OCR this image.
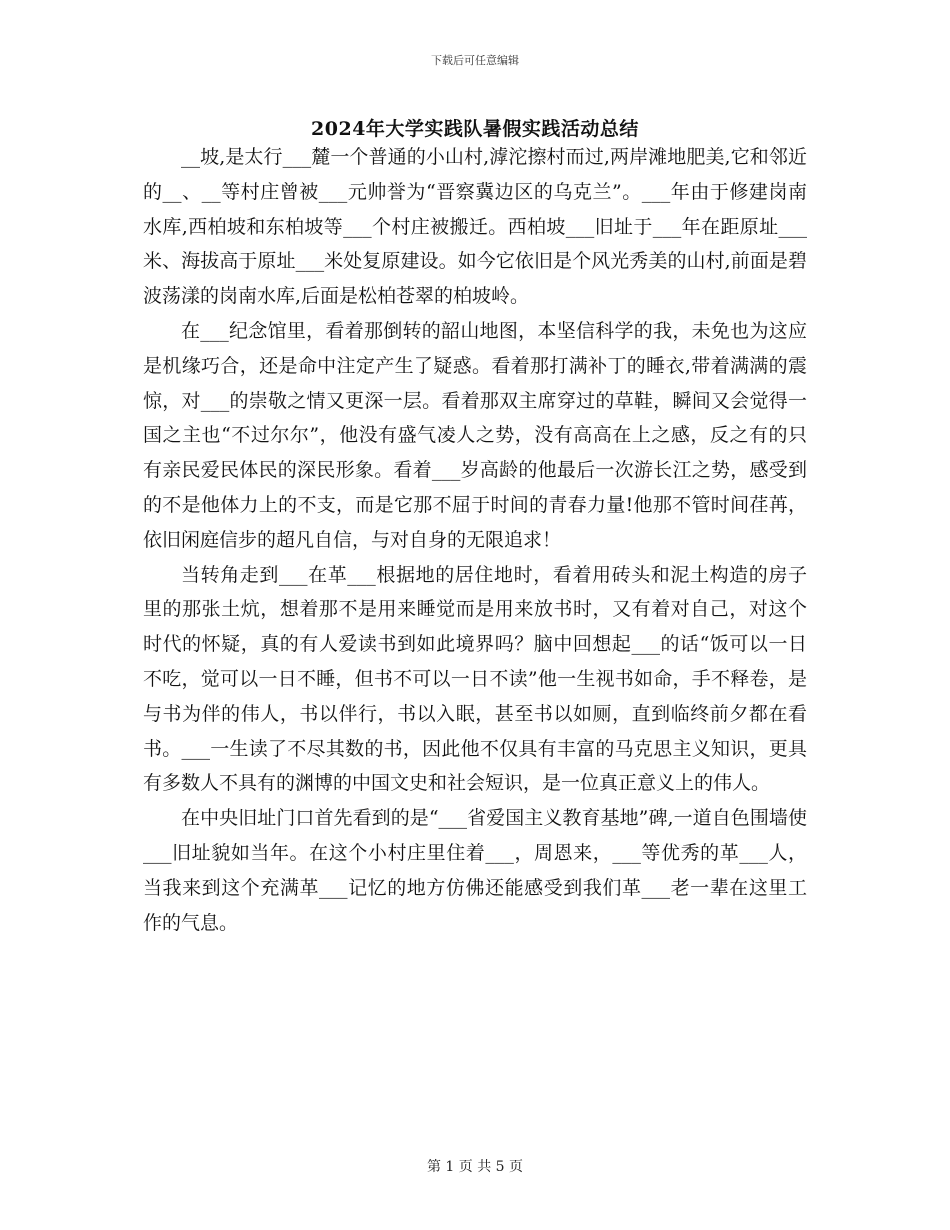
下载后可任意编辑
2024年大学实践队暑假实践活动总结

__坡,是太行___麓一个普通的小山村,滹沱擦村而过,两岸滩地肥美,它和邻近的__、__等村庄曾被___元帅誉为“晋察冀边区的乌克兰”。___年由于修建岗南水库,西柏坡和东柏坡等___个村庄被搬迁。西柏坡___旧址于___年在距原址___米、海拔高于原址___米处复原建设。如今它依旧是个风光秀美的山村,前面是碧波荡漾的岗南水库,后面是松柏苍翠的柏坡岭。

在___纪念馆里，看着那倒转的韶山地图，本坚信科学的我，未免也为这应是机缘巧合，还是命中注定产生了疑惑。看着那打满补丁的睡衣,带着满满的震惊，对___的崇敬之情又更深一层。看着那双主席穿过的草鞋，瞬间又会觉得一国之主也“不过尔尔”，他没有盛气凌人之势，没有高高在上之感，反之有的只有亲民爱民体民的深民形象。看着___岁高龄的他最后一次游长江之势，感受到的不是他体力上的不支，而是它那不屈于时间的青春力量!他那不管时间荏苒，依旧闲庭信步的超凡自信，与对自身的无限追求！

当转角走到___在革___根据地的居住地时，看着用砖头和泥土构造的房子里的那张土炕，想着那不是用来睡觉而是用来放书时，又有着对自己，对这个时代的怀疑，真的有人爱读书到如此境界吗？脑中回想起___的话“饭可以一日不吃，觉可以一日不睡，但书不可以一日不读”他一生视书如命，手不释卷，是与书为伴的伟人，书以伴行，书以入眠，甚至书以如厕，直到临终前夕都在看书。___一生读了不尽其数的书，因此他不仅具有丰富的马克思主义知识，更具有多数人不具有的渊博的中国文史和社会短识，是一位真正意义上的伟人。

在中央旧址门口首先看到的是“___省爱国主义教育基地”碑,一道自色围墙使___旧址貌如当年。在这个小村庄里住着___，周恩来，___等优秀的革___人，当我来到这个充满革___记忆的地方仿佛还能感受到我们革___老一辈在这里工作的气息。

第 1 页 共 5 页
